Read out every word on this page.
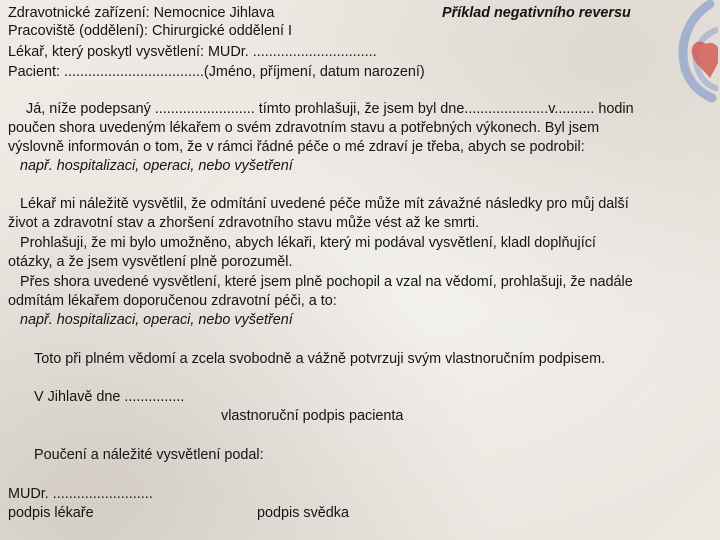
Zdravotnické zařízení: Nemocnice Jihlava	Příklad negativního reversu
Pracoviště (oddělení): Chirurgické oddělení I
Lékař, který poskytl vysvětlení: MUDr. ...............................
Pacient: ...................................(Jméno, příjmení, datum narození)
Já, níže podepsaný ......................... tímto prohlašuji, že jsem byl dne.....................v.......... hodin
poučen shora uvedeným lékařem o svém zdravotním stavu a potřebných výkonech. Byl jsem
výslovně informován o tom, že v rámci řádné péče o mé zdraví je třeba, abych se podrobil:
např. hospitalizaci, operaci, nebo vyšetření
Lékař mi náležitě vysvětlil, že odmítání uvedené péče může mít závažné následky pro můj další
život a zdravotní stav a zhoršení zdravotního stavu může vést až ke smrti.
Prohlašuji, že mi bylo umožněno, abych lékaři, který mi podával vysvětlení, kladl doplňující
otázky, a že jsem vysvětlení plně porozuměl.
Přes shora uvedené vysvětlení, které jsem plně pochopil a vzal na vědomí, prohlašuji, že nadále
odmítám lékařem doporučenou zdravotní péči, a to:
např. hospitalizaci, operaci, nebo vyšetření
Toto při plném vědomí a zcela svobodně a vážně potvrzuji svým vlastnoručním podpisem.
V Jihlavě dne ...............
vlastnoruční podpis pacienta
Poučení a náležité vysvětlení podal:
MUDr. .........................
podpis lékaře	podpis svědka
